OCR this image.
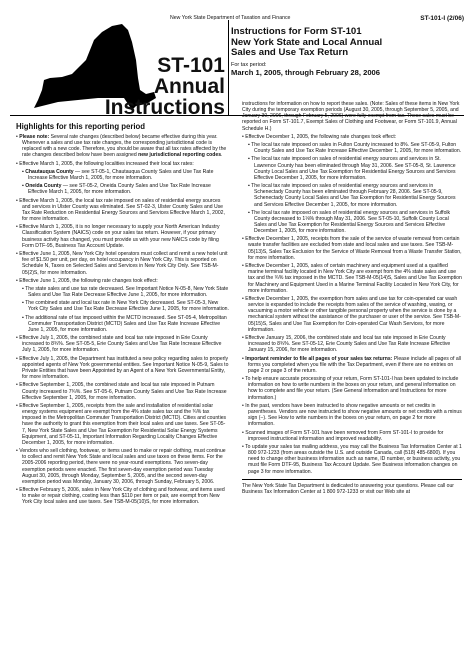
New York State Department of Taxation and Finance	ST-101-I (2/06)
ST-101
Annual
Instructions
Instructions for Form ST-101
New York State and Local Annual
Sales and Use Tax Return
For tax period:
March 1, 2005, through February 28, 2006
Highlights for this reporting period
• Please note: Several rate changes (described below) became effective during this year. Whenever a sales and use tax rate changes, the corresponding jurisdictional code is replaced with a new code. Therefore, you should be aware that all tax rates affected by the rate changes described below have been assigned new jurisdictional reporting codes.
• Effective March 1, 2005, the following localities increased their local tax rates:
▪ Chautauqua County — see ST-05-1, Chautauqua County Sales and Use Tax Rate Increase Effective March 1, 2005, for more information.
▪ Oneida County — see ST-05-2, Oneida County Sales and Use Tax Rate Increase Effective March 1, 2005, for more information.
• Effective March 1, 2005, the local tax rate imposed on sales of residential energy sources and services in Ulster County was eliminated. See ST-02-3, Ulster County Sales and Use Tax Rate Reduction on Residential Energy Sources and Services Effective March 1, 2002, for more information.
• Effective March 1, 2005, it is no longer necessary to supply your North American Industry Classification System (NAICS) code on your sales tax return. However, if your primary business activity has changed, you must provide us with your new NAICS code by filing Form DTF-95, Business Tax Account Update.
• Effective June 1, 2005, New York City hotel operators must collect and remit a new hotel unit fee of $1.50 per unit, per day, on hotel occupancy in New York City. This is reported on Schedule N, Taxes on Selected Sales and Services in New York City Only. See TSB-M-05(2)S, for more information.
• Effective June 1, 2005, the following rate changes took effect:
▪ The state sales and use tax rate decreased. See Important Notice N-05-8, New York State Sales and Use Tax Rate Decrease Effective June 1, 2005, for more information.
▪ The combined state and local tax rate in New York City decreased. See ST-05-3, New York City Sales and Use Tax Rate Decrease Effective June 1, 2005, for more information.
▪ The additional rate of tax imposed within the MCTD increased. See ST-05-4, Metropolitan Commuter Transportation District (MCTD) Sales and Use Tax Rate Increase Effective June 1, 2005, for more information.
• Effective July 1, 2005, the combined state and local tax rate imposed in Erie County increased to 8¾%. See ST-05-5, Erie County Sales and Use Tax Rate Increase Effective July 1, 2005, for more information.
• Effective July 1, 2005, the Department has instituted a new policy regarding sales to properly appointed agents of New York governmental entities. See Important Notice N-05-9, Sales to Private Entities that have been Appointed by an Agent of a New York Governmental Entity, for more information.
• Effective September 1, 2005, the combined state and local tax rate imposed in Putnam County increased to 7¾%. See ST-05-6, Putnam County Sales and Use Tax Rate Increase Effective September 1, 2005, for more information.
• Effective September 1, 2005, receipts from the sale and installation of residential solar energy systems equipment are exempt from the 4% state sales tax and the ¾% tax imposed in the Metropolitan Commuter Transportation District (MCTD). Cities and counties have the authority to grant this exemption from their local sales and use taxes. See ST-05-7, New York State Sales and Use Tax Exemption for Residential Solar Energy Systems Equipment, and ST-05-11, Important Information Regarding Locality Changes Effective December 1, 2005, for more information.
• Vendors who sell clothing, footwear, or items used to make or repair clothing, must continue to collect and remit New York State and local sales and use taxes on these items. For the 2005-2006 reporting period, there were no year-round exemptions. Two seven-day exemption periods were enacted. The first seven-day exemption period was Tuesday August 30, 2005, through Monday, September 5, 2005, and the second seven-day exemption period was Monday, January 30, 2006, through Sunday, February 5, 2006.
• Effective February 5, 2006, sales in New York City of clothing and footwear, and items used to make or repair clothing, costing less than $110 per item or pair, are exempt from New York City local sales and use taxes. See TSB-M-05(10)S, for more information.
instructions for information on how to report these sales. (Note: Sales of these items in New York City during the temporary exemption periods (August 30, 2005, through September 5, 2005, and January 30, 2006, through February 5, 2006) were fully exempt from tax. These sales must be reported on Form ST-101.7, Exempt Sales of Clothing and Footwear, or Form ST-101.9, Annual Schedule H.)
• Effective December 1, 2005, the following rate changes took effect:
▪ The local tax rate imposed on sales in Fulton County increased to 8%. See ST-05-9, Fulton County Sales and Use Tax Rate Increase Effective December 1, 2005, for more information.
▪ The local tax rate imposed on sales of residential energy sources and services in St. Lawrence County has been eliminated through May 31, 2006. See ST-05-8, St. Lawrence County Local Sales and Use Tax Exemption for Residential Energy Sources and Services Effective December 1, 2005, for more information.
▪ The local tax rate imposed on sales of residential energy sources and services in Schenectady County has been eliminated through February 28, 2006. See ST-05-9, Schenectady County Local Sales and Use Tax Exemption for Residential Energy Sources and Services Effective December 1, 2005, for more information.
▪ The local tax rate imposed on sales of residential energy sources and services in Suffolk County decreased to 1⅛% through May 31, 2006. See ST-05-10, Suffolk County Local Sales and Use Tax Exemption for Residential Energy Sources and Services Effective December 1, 2005, for more information.
• Effective December 1, 2005, receipts from the sale of the service of waste removal from certain waste transfer facilities are excluded from state and local sales and use taxes. See TSB-M-05(13)S, Sales Tax Exclusion for the Service of Waste Removal from a Waste Transfer Station, for more information.
• Effective December 1, 2005, sales of certain machinery and equipment used at a qualified marine terminal facility located in New York City are exempt from the 4% state sales and use tax and the ¾% tax imposed in the MCTD. See TSB-M-05(14)S, Sales and Use Tax Exemption for Machinery and Equipment Used in a Marine Terminal Facility Located in New York City, for more information.
• Effective December 1, 2005, the exemption from sales and use tax for coin-operated car wash service is expanded to include the receipts from sales of the service of washing, waxing, or vacuuming a motor vehicle or other tangible personal property when the service is done by a mechanical system without the assistance of the purchaser or user of the service. See TSB-M-05(15)S, Sales and Use Tax Exemption for Coin-operated Car Wash Services, for more information.
• Effective January 15, 2006, the combined state and local tax rate imposed in Erie County increased to 8¾%. See ST-05-12, Erie County Sales and Use Tax Rate Increase Effective January 15, 2006, for more information.
• Important reminder to file all pages of your sales tax returns: Please include all pages of all forms you completed when you file with the Tax Department, even if there are no entries on page 2 or page 3 of the return.
• To help ensure accurate processing of your return, Form ST-101-I has been updated to include information on how to write numbers in the boxes on your return, and general information on how to complete and file your return. (See General information and Instructions for more information.)
• In the past, vendors have been instructed to show negative amounts or net credits in parentheses. Vendors are now instructed to show negative amounts or net credits with a minus sign (−). See How to write numbers in the boxes on your return, on page 2 for more information.
• Scanned images of Form ST-101 have been removed from Form ST-101-I to provide for improved instructional information and improved readability.
• To update your sales tax mailing address, you may call the Business Tax Information Center at 1 800 972-1233 (from areas outside the U.S. and outside Canada, call (518) 485-6800). If you need to change other business information such as name, ID number, or business activity, you must file Form DTF-95, Business Tax Account Update. See Business information changes on page 3 for more information.
The New York State Tax Department is dedicated to answering your questions. Please call our Business Tax Information Center at 1 800 972-1233 or visit our Web site at
